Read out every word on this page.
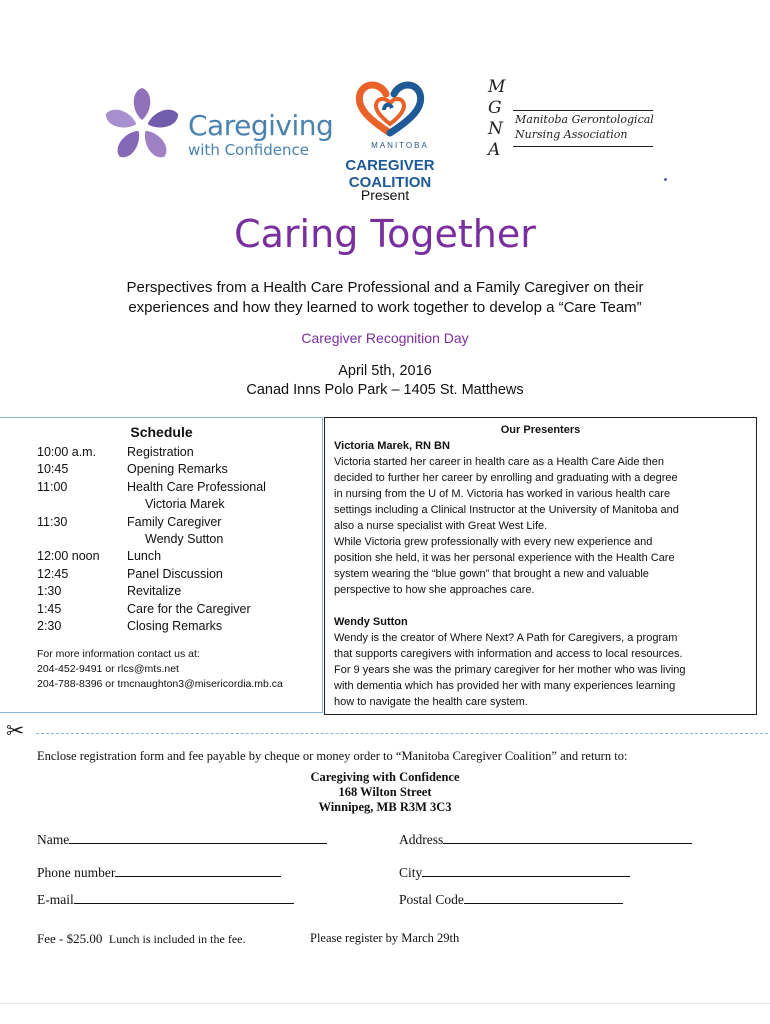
Caregiving
with Confidence	MANITOBA
CAREGIVER COALITION
M
G
N
A
Manitoba Gerontological
Nursing Association
Present
Caring Together
Perspectives from a Health Care Professional and a Family Caregiver on their
experiences and how they learned to work together to develop a “Care Team”
Caregiver Recognition Day
April 5th, 2016
Canad Inns Polo Park – 1405 St. Matthews
Schedule
10:00 a.m.	Registration
10:45	Opening Remarks
11:00	Health Care Professional
Victoria Marek
11:30	Family Caregiver
Wendy Sutton
12:00 noon	Lunch
12:45	Panel Discussion
1:30	Revitalize
1:45	Care for the Caregiver
2:30	Closing Remarks
For more information contact us at:
204-452-9491 or rlcs@mts.net
204-788-8396 or tmcnaughton3@misericordia.mb.ca
Our Presenters

Victoria Marek, RN BN

Victoria started her career in health care as a Health Care Aide then

decided to further her career by enrolling and graduating with a degree

in nursing from the U of M. Victoria has worked in various health care

settings including a Clinical Instructor at the University of Manitoba and

also a nurse specialist with Great West Life.

While Victoria grew professionally with every new experience and

position she held, it was her personal experience with the Health Care

system wearing the “blue gown” that brought a new and valuable

perspective to how she approaches care.

Wendy Sutton

Wendy is the creator of Where Next? A Path for Caregivers, a program

that supports caregivers with information and access to local resources.

For 9 years she was the primary caregiver for her mother who was living

with dementia which has provided her with many experiences learning

how to navigate the health care system.

✂
Enclose registration form and fee payable by cheque or money order to “Manitoba Caregiver Coalition” and return to:
Caregiving with Confidence
168 Wilton Street
Winnipeg, MB R3M 3C3
Name	Address
Phone number	City
E-mail	Postal Code
Fee - $25.00 Lunch is included in the fee.	Please register by March 29th
